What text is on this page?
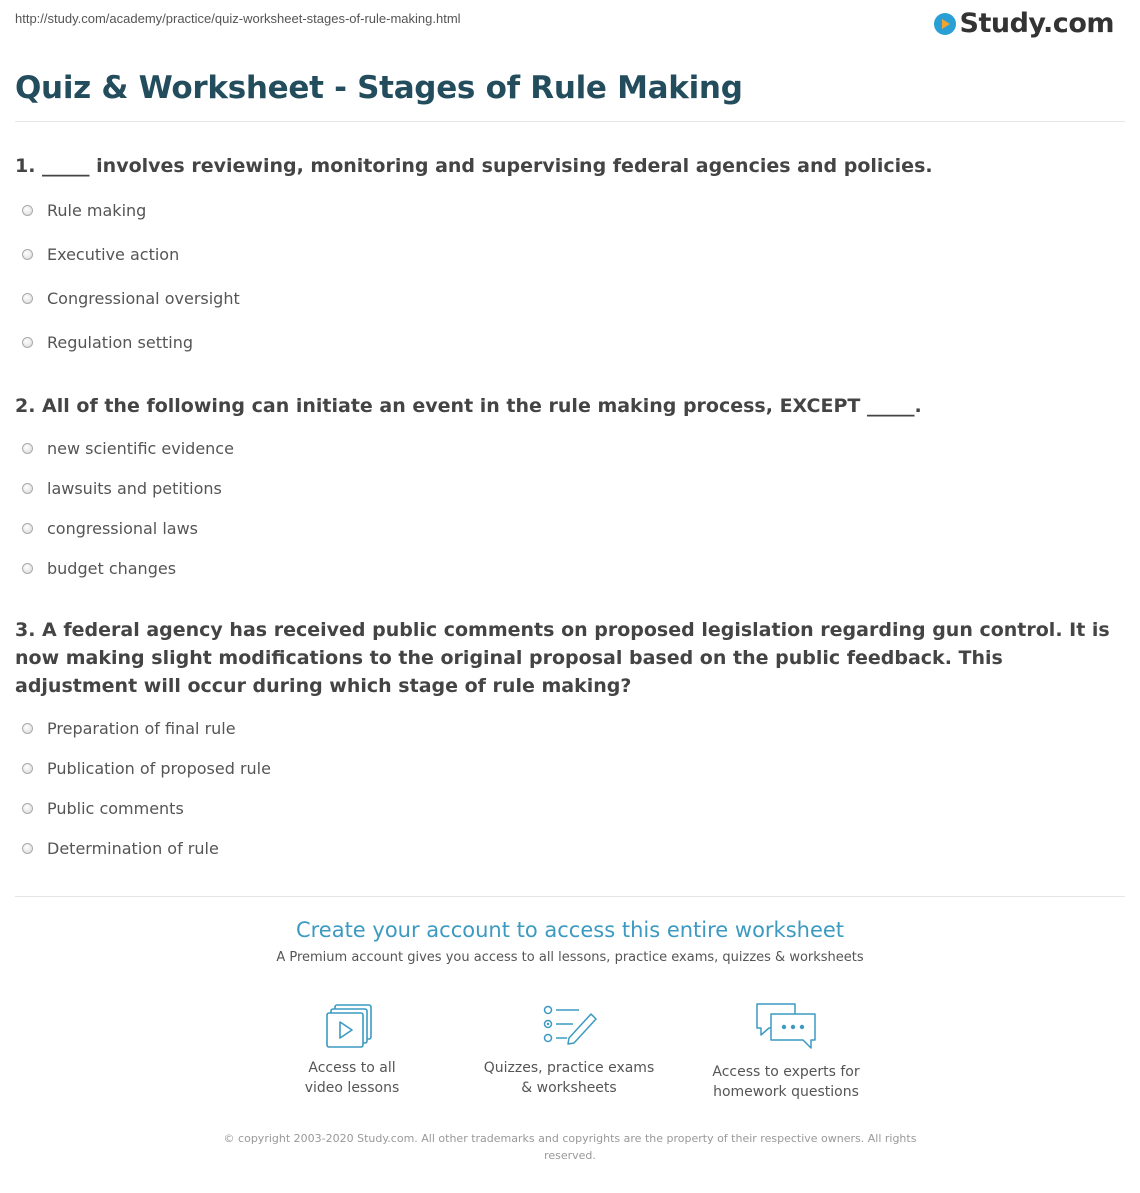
http://study.com/academy/practice/quiz-worksheet-stages-of-rule-making.html	Study.com
Quiz & Worksheet - Stages of Rule Making

1. _____ involves reviewing, monitoring and supervising federal agencies and policies.

Rule making
Executive action
Congressional oversight
Regulation setting

2. All of the following can initiate an event in the rule making process, EXCEPT _____.

new scientific evidence
lawsuits and petitions
congressional laws
budget changes

3. A federal agency has received public comments on proposed legislation regarding gun control. It is now making slight modifications to the original proposal based on the public feedback. This adjustment will occur during which stage of rule making?

Preparation of final rule
Publication of proposed rule
Public comments
Determination of rule
Create your account to access this entire worksheet
A Premium account gives you access to all lessons, practice exams, quizzes & worksheets
Access to all
video lessons
Quizzes, practice exams
& worksheets
Access to experts for
homework questions
© copyright 2003-2020 Study.com. All other trademarks and copyrights are the property of their respective owners. All rights
reserved.
